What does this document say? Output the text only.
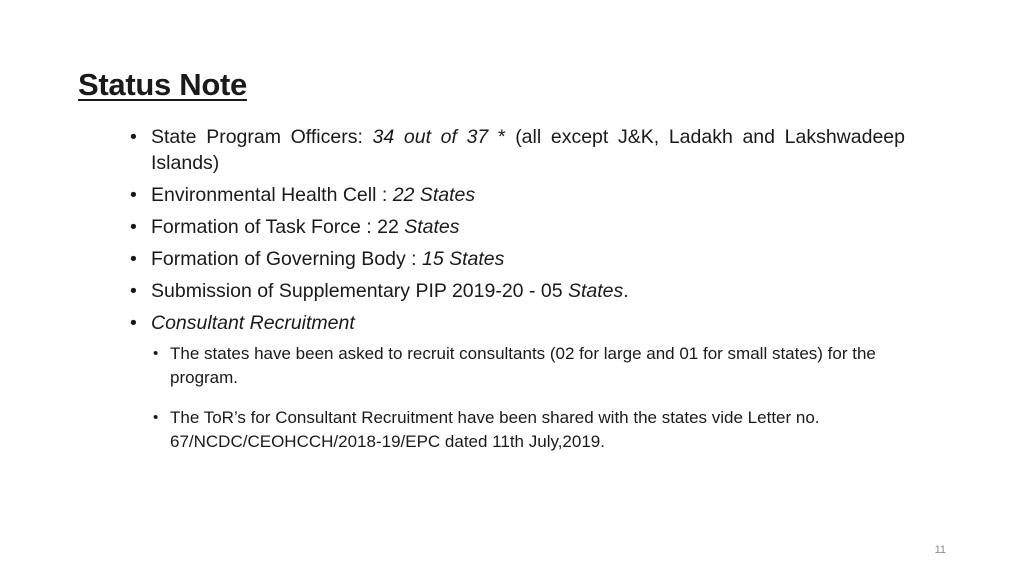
Status Note
• State Program Officers: 34 out of 37 * (all except J&K, Ladakh and Lakshwadeep Islands)
• Environmental Health Cell : 22 States
• Formation of Task Force : 22 States
• Formation of Governing Body : 15 States
• Submission of Supplementary PIP 2019-20 - 05 States.
• Consultant Recruitment
• The states have been asked to recruit consultants (02 for large and 01 for small states) for the program.
• The ToR’s for Consultant Recruitment have been shared with the states vide Letter no. 67/NCDC/CEOHCCH/2018-19/EPC dated 11th July,2019.
11
